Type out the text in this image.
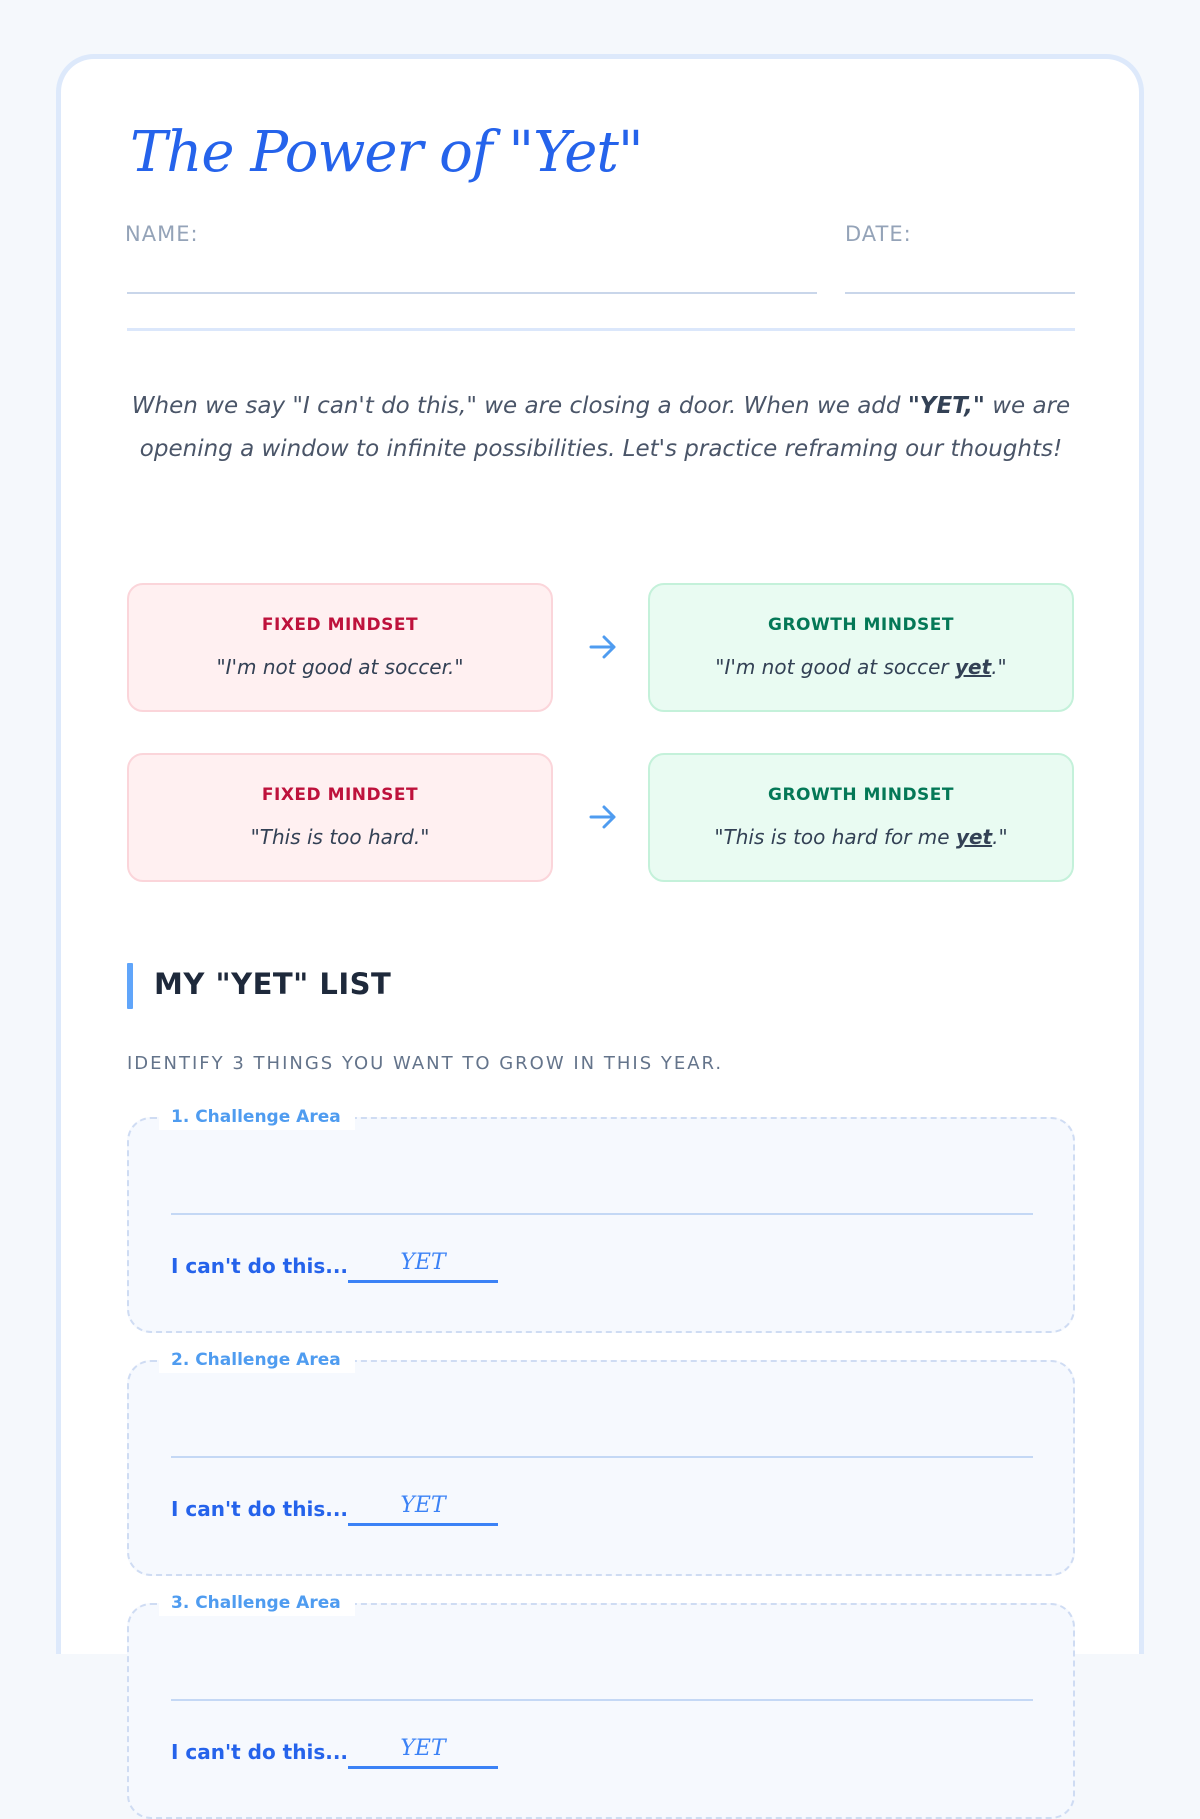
The Power of "Yet"
NAME:	DATE:

When we say "I can't do this," we are closing a door. When we add "YET," we are opening a window to infinite possibilities. Let's practice reframing our thoughts!

FIXED MINDSET
"I'm not good at soccer."
GROWTH MINDSET
"I'm not good at soccer yet."
FIXED MINDSET
"This is too hard."
GROWTH MINDSET
"This is too hard for me yet."
MY "YET" LIST

IDENTIFY 3 THINGS YOU WANT TO GROW IN THIS YEAR.

1. Challenge Area
I can't do this...	YET
2. Challenge Area
I can't do this...	YET
3. Challenge Area
I can't do this...	YET
